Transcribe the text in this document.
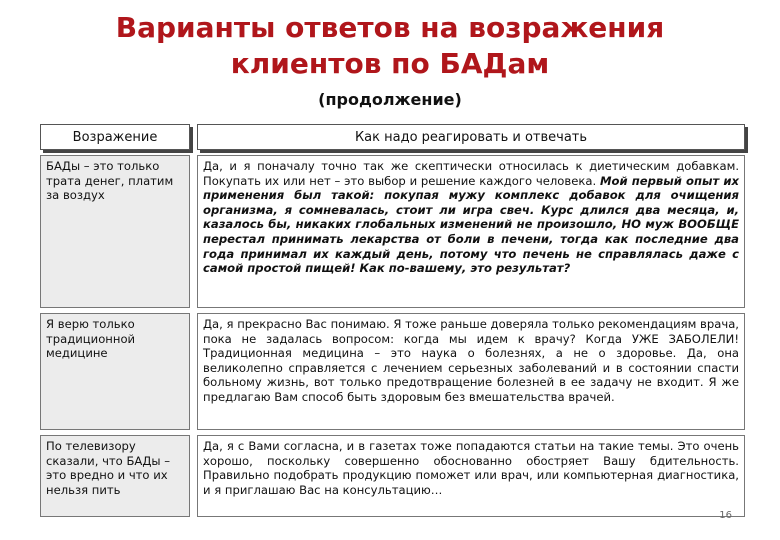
Варианты ответов на возражения
клиентов по БАДам
(продолжение)
Возражение	Как надо реагировать и отвечать
БАДы – это только трата денег, платим за воздух
Да, и я поначалу точно так же скептически относилась к диетическим добавкам. Покупать их или нет – это выбор и решение каждого человека. Мой первый опыт их применения был такой: покупая мужу комплекс добавок для очищения организма, я сомневалась, стоит ли игра свеч. Курс длился два месяца, и, казалось бы, никаких глобальных изменений не произошло, НО муж ВООБЩЕ перестал принимать лекарства от боли в печени, тогда как последние два года принимал их каждый день, потому что печень не справлялась даже с самой простой пищей! Как по-вашему, это результат?
Я верю только традиционной медицине
Да, я прекрасно Вас понимаю. Я тоже раньше доверяла только рекомендациям врача, пока не задалась вопросом: когда мы идем к врачу? Когда УЖЕ ЗАБОЛЕЛИ! Традиционная медицина – это наука о болезнях, а не о здоровье. Да, она великолепно справляется с лечением серьезных заболеваний и в состоянии спасти больному жизнь, вот только предотвращение болезней в ее задачу не входит. Я же предлагаю Вам способ быть здоровым без вмешательства врачей.
По телевизору сказали, что БАДы – это вредно и что их нельзя пить
Да, я с Вами согласна, и в газетах тоже попадаются статьи на такие темы. Это очень хорошо, поскольку совершенно обоснованно обостряет Вашу бдительность. Правильно подобрать продукцию поможет или врач, или компьютерная диагностика, и я приглашаю Вас на консультацию…
16
